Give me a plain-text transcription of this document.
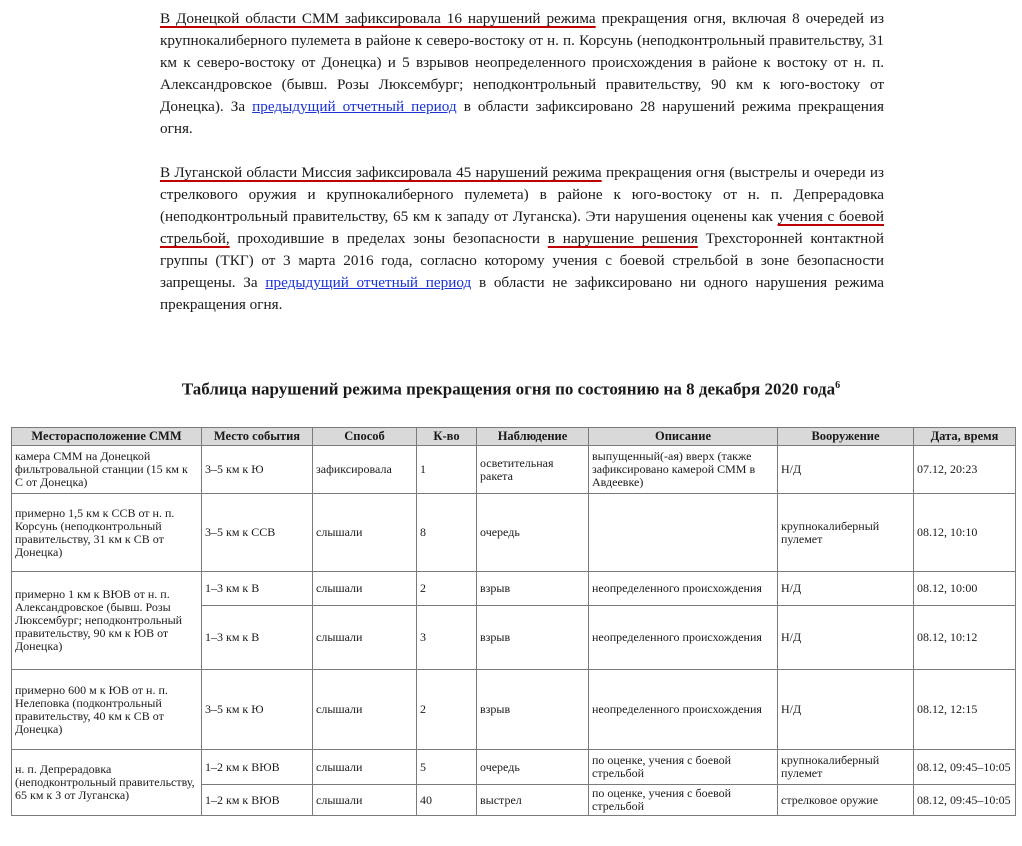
В Донецкой области СММ зафиксировала 16 нарушений режима прекращения огня, включая 8 очередей из крупнокалиберного пулемета в районе к северо-востоку от н. п. Корсунь (неподконтрольный правительству, 31 км к северо-востоку от Донецка) и 5 взрывов неопределенного происхождения в районе к востоку от н. п. Александровское (бывш. Розы Люксембург; неподконтрольный правительству, 90 км к юго-востоку от Донецка). За предыдущий отчетный период в области зафиксировано 28 нарушений режима прекращения огня.

В Луганской области Миссия зафиксировала 45 нарушений режима прекращения огня (выстрелы и очереди из стрелкового оружия и крупнокалиберного пулемета) в районе к юго-востоку от н. п. Депрерадовка (неподконтрольный правительству, 65 км к западу от Луганска). Эти нарушения оценены как учения с боевой стрельбой, проходившие в пределах зоны безопасности в нарушение решения Трехсторонней контактной группы (ТКГ) от 3 марта 2016 года, согласно которому учения с боевой стрельбой в зоне безопасности запрещены. За предыдущий отчетный период в области не зафиксировано ни одного нарушения режима прекращения огня.

Таблица нарушений режима прекращения огня по состоянию на 8 декабря 2020 года$^6$
Месторасположение СММ	Место события	Способ	К-во	Наблюдение	Описание	Вооружение	Дата, время
камера СММ на Донецкой фильтровальной станции (15 км к С от Донецка)	3–5 км к Ю	зафиксировала	1	осветительная ракета	выпущенный(-ая) вверх (также зафиксировано камерой СММ в Авдеевке)	Н/Д	07.12, 20:23
примерно 1,5 км к ССВ от н. п. Корсунь (неподконтрольный правительству, 31 км к СВ от Донецка)	3–5 км к ССВ	слышали	8	очередь		крупнокалиберный пулемет	08.12, 10:10
примерно 1 км к ВЮВ от н. п. Александровское (бывш. Розы Люксембург; неподконтрольный правительству, 90 км к ЮВ от Донецка)	1–3 км к В	слышали	2	взрыв	неопределенного происхождения	Н/Д	08.12, 10:00
	1–3 км к В	слышали	3	взрыв	неопределенного происхождения	Н/Д	08.12, 10:12
примерно 600 м к ЮВ от н. п. Нелеповка (подконтрольный правительству, 40 км к СВ от Донецка)	3–5 км к Ю	слышали	2	взрыв	неопределенного происхождения	Н/Д	08.12, 12:15
н. п. Депрерадовка (неподконтрольный правительству, 65 км к З от Луганска)	1–2 км к ВЮВ	слышали	5	очередь	по оценке, учения с боевой стрельбой	крупнокалиберный пулемет	08.12, 09:45–10:05
	1–2 км к ВЮВ	слышали	40	выстрел	по оценке, учения с боевой стрельбой	стрелковое оружие	08.12, 09:45–10:05
